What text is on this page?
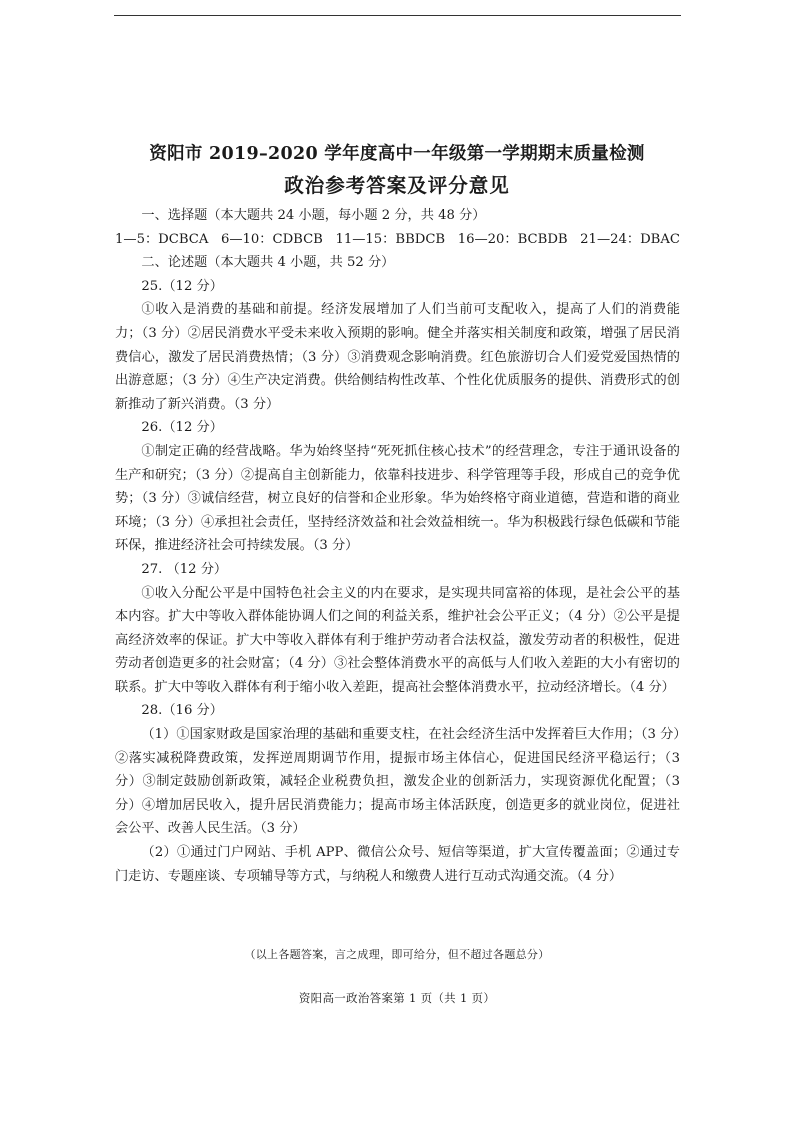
资阳市 2019–2020 学年度高中一年级第一学期期末质量检测
政治参考答案及评分意见
一、选择题（本大题共 24 小题，每小题 2 分，共 48 分）
1—5：DCBCA 6—10：CDBCB 11—15：BBDCB 16—20：BCBDB 21—24：DBAC
二、论述题（本大题共 4 小题，共 52 分）
25.（12 分）

①收入是消费的基础和前提。经济发展增加了人们当前可支配收入，提高了人们的消费能力；（3 分）②居民消费水平受未来收入预期的影响。健全并落实相关制度和政策，增强了居民消费信心，激发了居民消费热情；（3 分）③消费观念影响消费。红色旅游切合人们爱党爱国热情的出游意愿；（3 分）④生产决定消费。供给侧结构性改革、个性化优质服务的提供、消费形式的创新推动了新兴消费。（3 分）

26.（12 分）

①制定正确的经营战略。华为始终坚持“死死抓住核心技术”的经营理念，专注于通讯设备的生产和研究；（3 分）②提高自主创新能力，依靠科技进步、科学管理等手段，形成自己的竞争优势；（3 分）③诚信经营，树立良好的信誉和企业形象。华为始终格守商业道德，营造和谐的商业环境；（3 分）④承担社会责任，坚持经济效益和社会效益相统一。华为积极践行绿色低碳和节能环保，推进经济社会可持续发展。（3 分）

27. （12 分）

①收入分配公平是中国特色社会主义的内在要求，是实现共同富裕的体现，是社会公平的基本内容。扩大中等收入群体能协调人们之间的利益关系，维护社会公平正义；（4 分）②公平是提高经济效率的保证。扩大中等收入群体有利于维护劳动者合法权益，激发劳动者的积极性，促进劳动者创造更多的社会财富；（4 分）③社会整体消费水平的高低与人们收入差距的大小有密切的联系。扩大中等收入群体有利于缩小收入差距，提高社会整体消费水平，拉动经济增长。（4 分）

28.（16 分）

（1）①国家财政是国家治理的基础和重要支柱，在社会经济生活中发挥着巨大作用；（3 分）②落实减税降费政策，发挥逆周期调节作用，提振市场主体信心，促进国民经济平稳运行；（3 分）③制定鼓励创新政策，减轻企业税费负担，激发企业的创新活力，实现资源优化配置；（3 分）④增加居民收入，提升居民消费能力；提高市场主体活跃度，创造更多的就业岗位，促进社会公平、改善人民生活。（3 分）

（2）①通过门户网站、手机 APP、微信公众号、短信等渠道，扩大宣传覆盖面；②通过专门走访、专题座谈、专项辅导等方式，与纳税人和缴费人进行互动式沟通交流。（4 分）

（以上各题答案，言之成理，即可给分，但不超过各题总分）
资阳高一政治答案第 1 页（共 1 页）
